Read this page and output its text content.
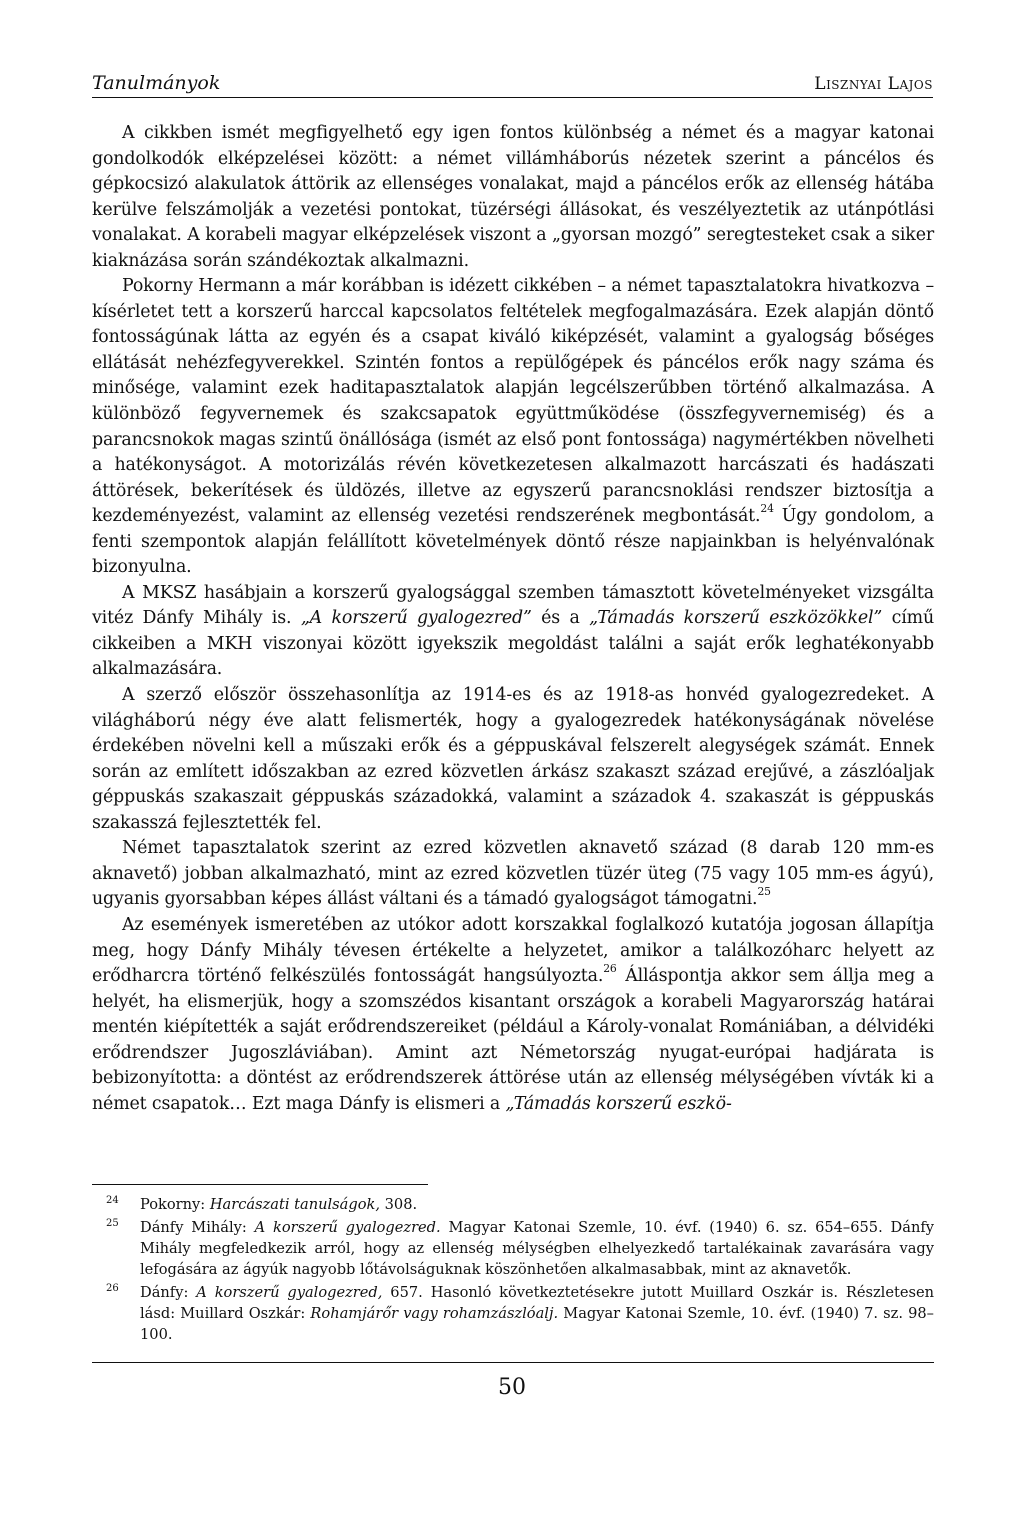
Tanulmányok	Lisznyai Lajos

A cikkben ismét megfigyelhető egy igen fontos különbség a német és a magyar katonai gondolkodók elképzelései között: a német villámháborús nézetek szerint a páncélos és gépkocsizó alakulatok áttörik az ellenséges vonalakat, majd a páncélos erők az ellenség hátába kerülve felszámolják a vezetési pontokat, tüzérségi állásokat, és veszélyeztetik az utánpótlási vonalakat. A korabeli magyar elképzelések viszont a „gyorsan mozgó” seregtesteket csak a siker kiaknázása során szándékoztak alkalmazni.

Pokorny Hermann a már korábban is idézett cikkében – a német tapasztalatokra hivatkozva – kísérletet tett a korszerű harccal kapcsolatos feltételek megfogalmazására. Ezek alapján döntő fontosságúnak látta az egyén és a csapat kiváló kiképzését, valamint a gyalogság bőséges ellátását nehézfegyverekkel. Szintén fontos a repülőgépek és páncélos erők nagy száma és minősége, valamint ezek haditapasztalatok alapján legcélszerűbben történő alkalmazása. A különböző fegyvernemek és szakcsapatok együttműködése (összfegyvernemiség) és a parancsnokok magas szintű önállósága (ismét az első pont fontossága) nagymértékben növelheti a hatékonyságot. A motorizálás révén következetesen alkalmazott harcászati és hadászati áttörések, bekerítések és üldözés, illetve az egyszerű parancsnoklási rendszer biztosítja a kezdeményezést, valamint az ellenség vezetési rendszerének megbontását.$^{24}$ Úgy gondolom, a fenti szempontok alapján felállított követelmények döntő része napjainkban is helyénvalónak bizonyulna.

A MKSZ hasábjain a korszerű gyalogsággal szemben támasztott követelményeket vizsgálta vitéz Dánfy Mihály is. „A korszerű gyalogezred” és a „Támadás korszerű eszközökkel” című cikkeiben a MKH viszonyai között igyekszik megoldást találni a saját erők leghatékonyabb alkalmazására.

A szerző először összehasonlítja az 1914-es és az 1918-as honvéd gyalogezredeket. A világháború négy éve alatt felismerték, hogy a gyalogezredek hatékonyságának növelése érdekében növelni kell a műszaki erők és a géppuskával felszerelt alegységek számát. Ennek során az említett időszakban az ezred közvetlen árkász szakaszt század erejűvé, a zászlóaljak géppuskás szakaszait géppuskás századokká, valamint a századok 4. szakaszát is géppuskás szakasszá fejlesztették fel.

Német tapasztalatok szerint az ezred közvetlen aknavető század (8 darab 120 mm-es aknavető) jobban alkalmazható, mint az ezred közvetlen tüzér üteg (75 vagy 105 mm-es ágyú), ugyanis gyorsabban képes állást váltani és a támadó gyalogságot támogatni.$^{25}$

Az események ismeretében az utókor adott korszakkal foglalkozó kutatója jogosan állapítja meg, hogy Dánfy Mihály tévesen értékelte a helyzetet, amikor a találkozóharc helyett az erődharcra történő felkészülés fontosságát hangsúlyozta.$^{26}$ Álláspontja akkor sem állja meg a helyét, ha elismerjük, hogy a szomszédos kisantant országok a korabeli Magyarország határai mentén kiépítették a saját erődrendszereiket (például a Károly-vonalat Romániában, a délvidéki erődrendszer Jugoszláviában). Amint azt Németország nyugat-európai hadjárata is bebizonyította: a döntést az erődrendszerek áttörése után az ellenség mélységében vívták ki a német csapatok… Ezt maga Dánfy is elismeri a „Támadás korszerű eszkö-

24 Pokorny: Harcászati tanulságok, 308.
25 Dánfy Mihály: A korszerű gyalogezred. Magyar Katonai Szemle, 10. évf. (1940) 6. sz. 654–655. Dánfy Mihály megfeledkezik arról, hogy az ellenség mélységben elhelyezkedő tartalékainak zavarására vagy lefogására az ágyúk nagyobb lőtávolságuknak köszönhetően alkalmasabbak, mint az aknavetők.
26 Dánfy: A korszerű gyalogezred, 657. Hasonló következtetésekre jutott Muillard Oszkár is. Részletesen lásd: Muillard Oszkár: Rohamjárőr vagy rohamzászlóalj. Magyar Katonai Szemle, 10. évf. (1940) 7. sz. 98–100.
50
